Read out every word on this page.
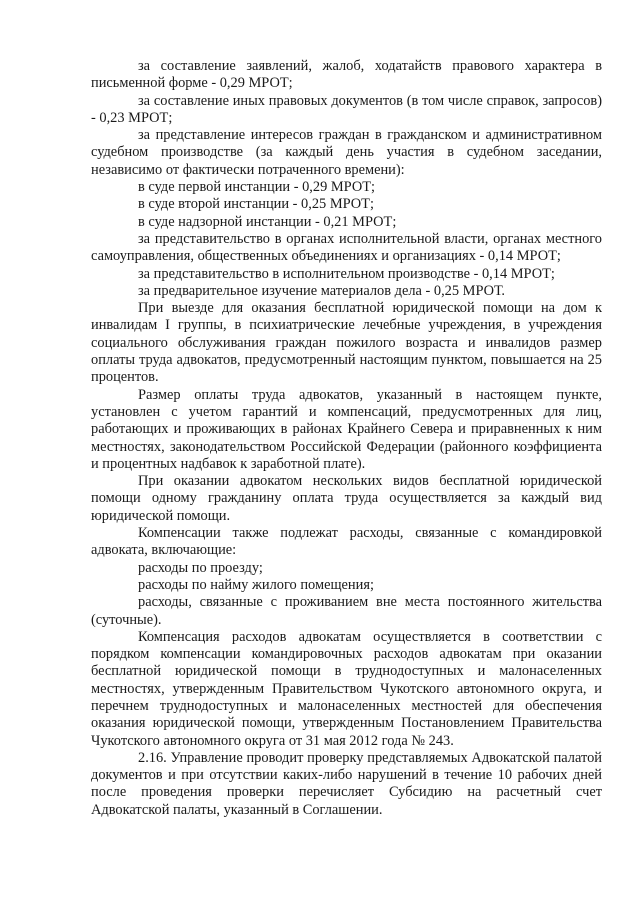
за составление заявлений, жалоб, ходатайств правового характера в письменной форме - 0,29 МРОТ;

за составление иных правовых документов (в том числе справок, запросов) - 0,23 МРОТ;

за представление интересов граждан в гражданском и административном судебном производстве (за каждый день участия в судебном заседании, независимо от фактически потраченного времени):

в суде первой инстанции - 0,29 МРОТ;

в суде второй инстанции - 0,25 МРОТ;

в суде надзорной инстанции - 0,21 МРОТ;

за представительство в органах исполнительной власти, органах местного самоуправления, общественных объединениях и организациях - 0,14 МРОТ;

за представительство в исполнительном производстве - 0,14 МРОТ;

за предварительное изучение материалов дела - 0,25 МРОТ.

При выезде для оказания бесплатной юридической помощи на дом к инвалидам I группы, в психиатрические лечебные учреждения, в учреждения социального обслуживания граждан пожилого возраста и инвалидов размер оплаты труда адвокатов, предусмотренный настоящим пунктом, повышается на 25 процентов.

Размер оплаты труда адвокатов, указанный в настоящем пункте, установлен с учетом гарантий и компенсаций, предусмотренных для лиц, работающих и проживающих в районах Крайнего Севера и приравненных к ним местностях, законодательством Российской Федерации (районного коэффициента и процентных надбавок к заработной плате).

При оказании адвокатом нескольких видов бесплатной юридической помощи одному гражданину оплата труда осуществляется за каждый вид юридической помощи.

Компенсации также подлежат расходы, связанные с командировкой адвоката, включающие:

расходы по проезду;

расходы по найму жилого помещения;

расходы, связанные с проживанием вне места постоянного жительства (суточные).

Компенсация расходов адвокатам осуществляется в соответствии с порядком компенсации командировочных расходов адвокатам при оказании бесплатной юридической помощи в труднодоступных и малонаселенных местностях, утвержденным Правительством Чукотского автономного округа, и перечнем труднодоступных и малонаселенных местностей для обеспечения оказания юридической помощи, утвержденным Постановлением Правительства Чукотского автономного округа от 31 мая 2012 года № 243.

2.16. Управление проводит проверку представляемых Адвокатской палатой документов и при отсутствии каких-либо нарушений в течение 10 рабочих дней после проведения проверки перечисляет Субсидию на расчетный счет Адвокатской палаты, указанный в Соглашении.
